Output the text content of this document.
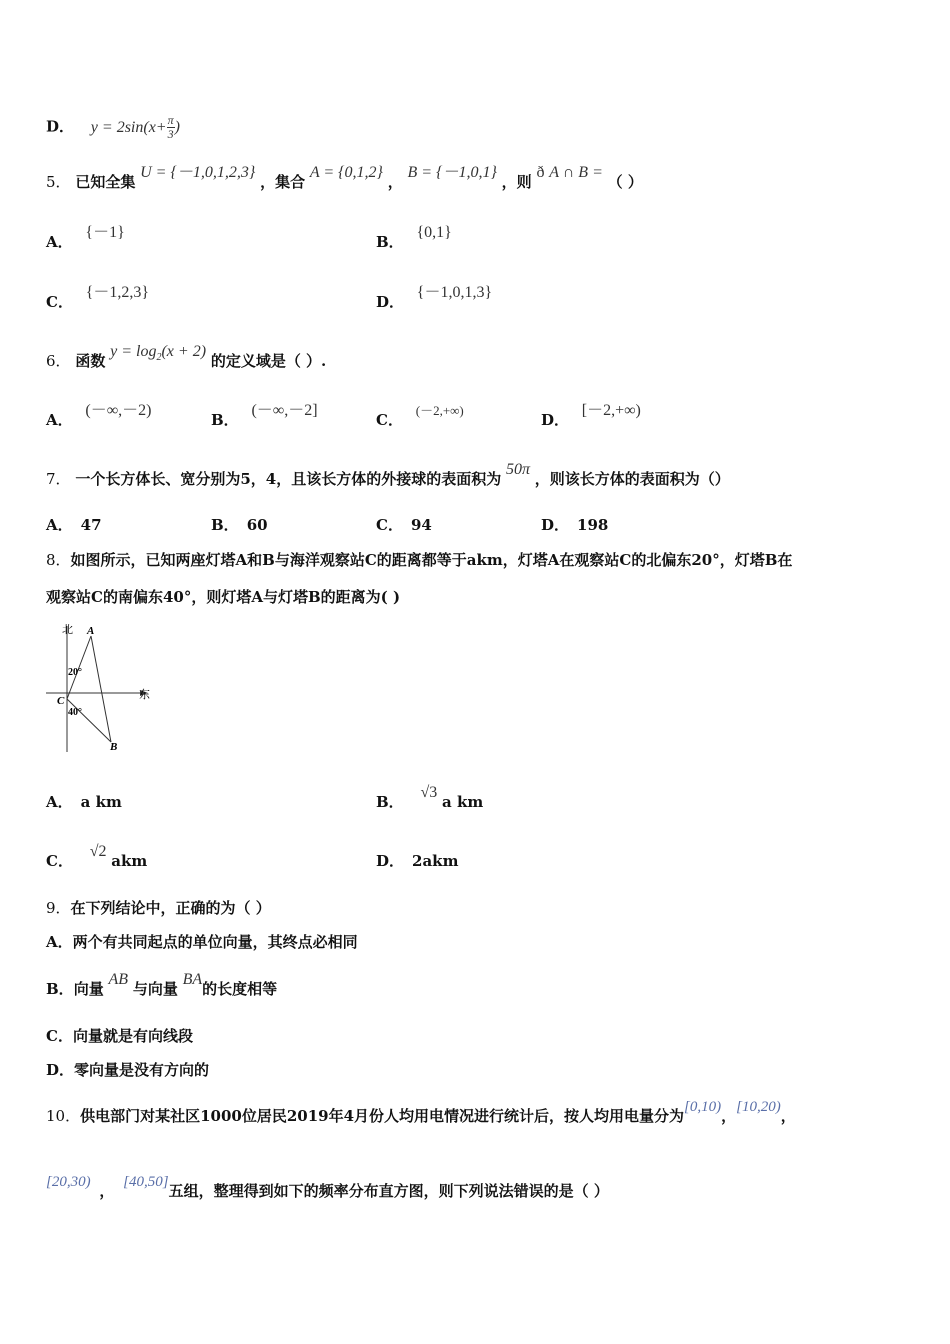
D． $y = 2\sin(x+ \frac{\pi}{3}$ )
5． 已知全集 U = {－1,0,1,2,3} ，集合 A = {0,1,2} ， B = {－1,0,1} ，则 ð A ∩ B = （ ）
A． {－1}
B． {0,1}
C． {－1,2,3}
D． {－1,0,1,3}
6． 函数 $y = \log_2(x + 2)$ 的定义域是（ ）.
A． (－∞,－2)
B． (－∞,－2]
C． (－2,+∞)
D． [－2,+∞)
7． 一个长方体长、宽分别为5，4，且该长方体的外接球的表面积为 50π ，则该长方体的表面积为（）
A． 47	B． 60	C． 94	D． 198
8．如图所示，已知两座灯塔A和B与海洋观察站C的距离都等于akm，灯塔A在观察站C的北偏东20°，灯塔B在
观察站C的南偏东40°，则灯塔A与灯塔B的距离为( )
北 A
20°
C
40°
东
B
A． a km	B． √3 a km
C． √2 akm	D． 2akm
9．在下列结论中，正确的为（ ）
A．两个有共同起点的单位向量，其终点必相同
B．向量 AB 与向量 BA的长度相等
C．向量就是有向线段
D．零向量是没有方向的
10．供电部门对某社区1000位居民2019年4月份人均用电情况进行统计后，按人均用电量分为[0,10)，[10,20)，
[20,30) ， [40,50]五组，整理得到如下的频率分布直方图，则下列说法错误的是（ ）
